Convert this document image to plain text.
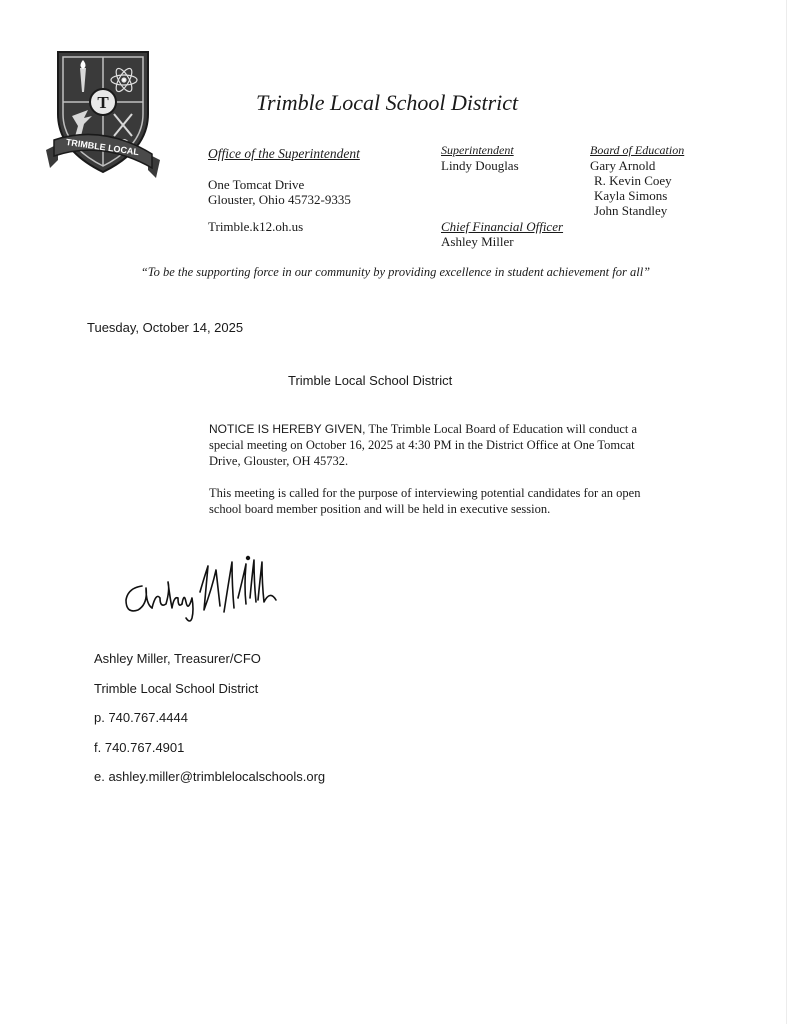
T
TRIMBLE LOCAL
Trimble Local School District
Office of the Superintendent
One Tomcat Drive
Glouster, Ohio 45732-9335
Trimble.k12.oh.us
Superintendent
Lindy Douglas
Chief Financial Officer
Ashley Miller
Board of Education
Gary Arnold
R. Kevin Coey
Kayla Simons
John Standley
“To be the supporting force in our community by providing excellence in student achievement for all”
Tuesday, October 14, 2025
Trimble Local School District
NOTICE IS HEREBY GIVEN, The Trimble Local Board of Education will conduct a special meeting on October 16, 2025 at 4:30 PM in the District Office at One Tomcat Drive, Glouster, OH 45732.
This meeting is called for the purpose of interviewing potential candidates for an open school board member position and will be held in executive session.
Ashley Miller, Treasurer/CFO
Trimble Local School District
p. 740.767.4444
f. 740.767.4901
e. ashley.miller@trimblelocalschools.org
